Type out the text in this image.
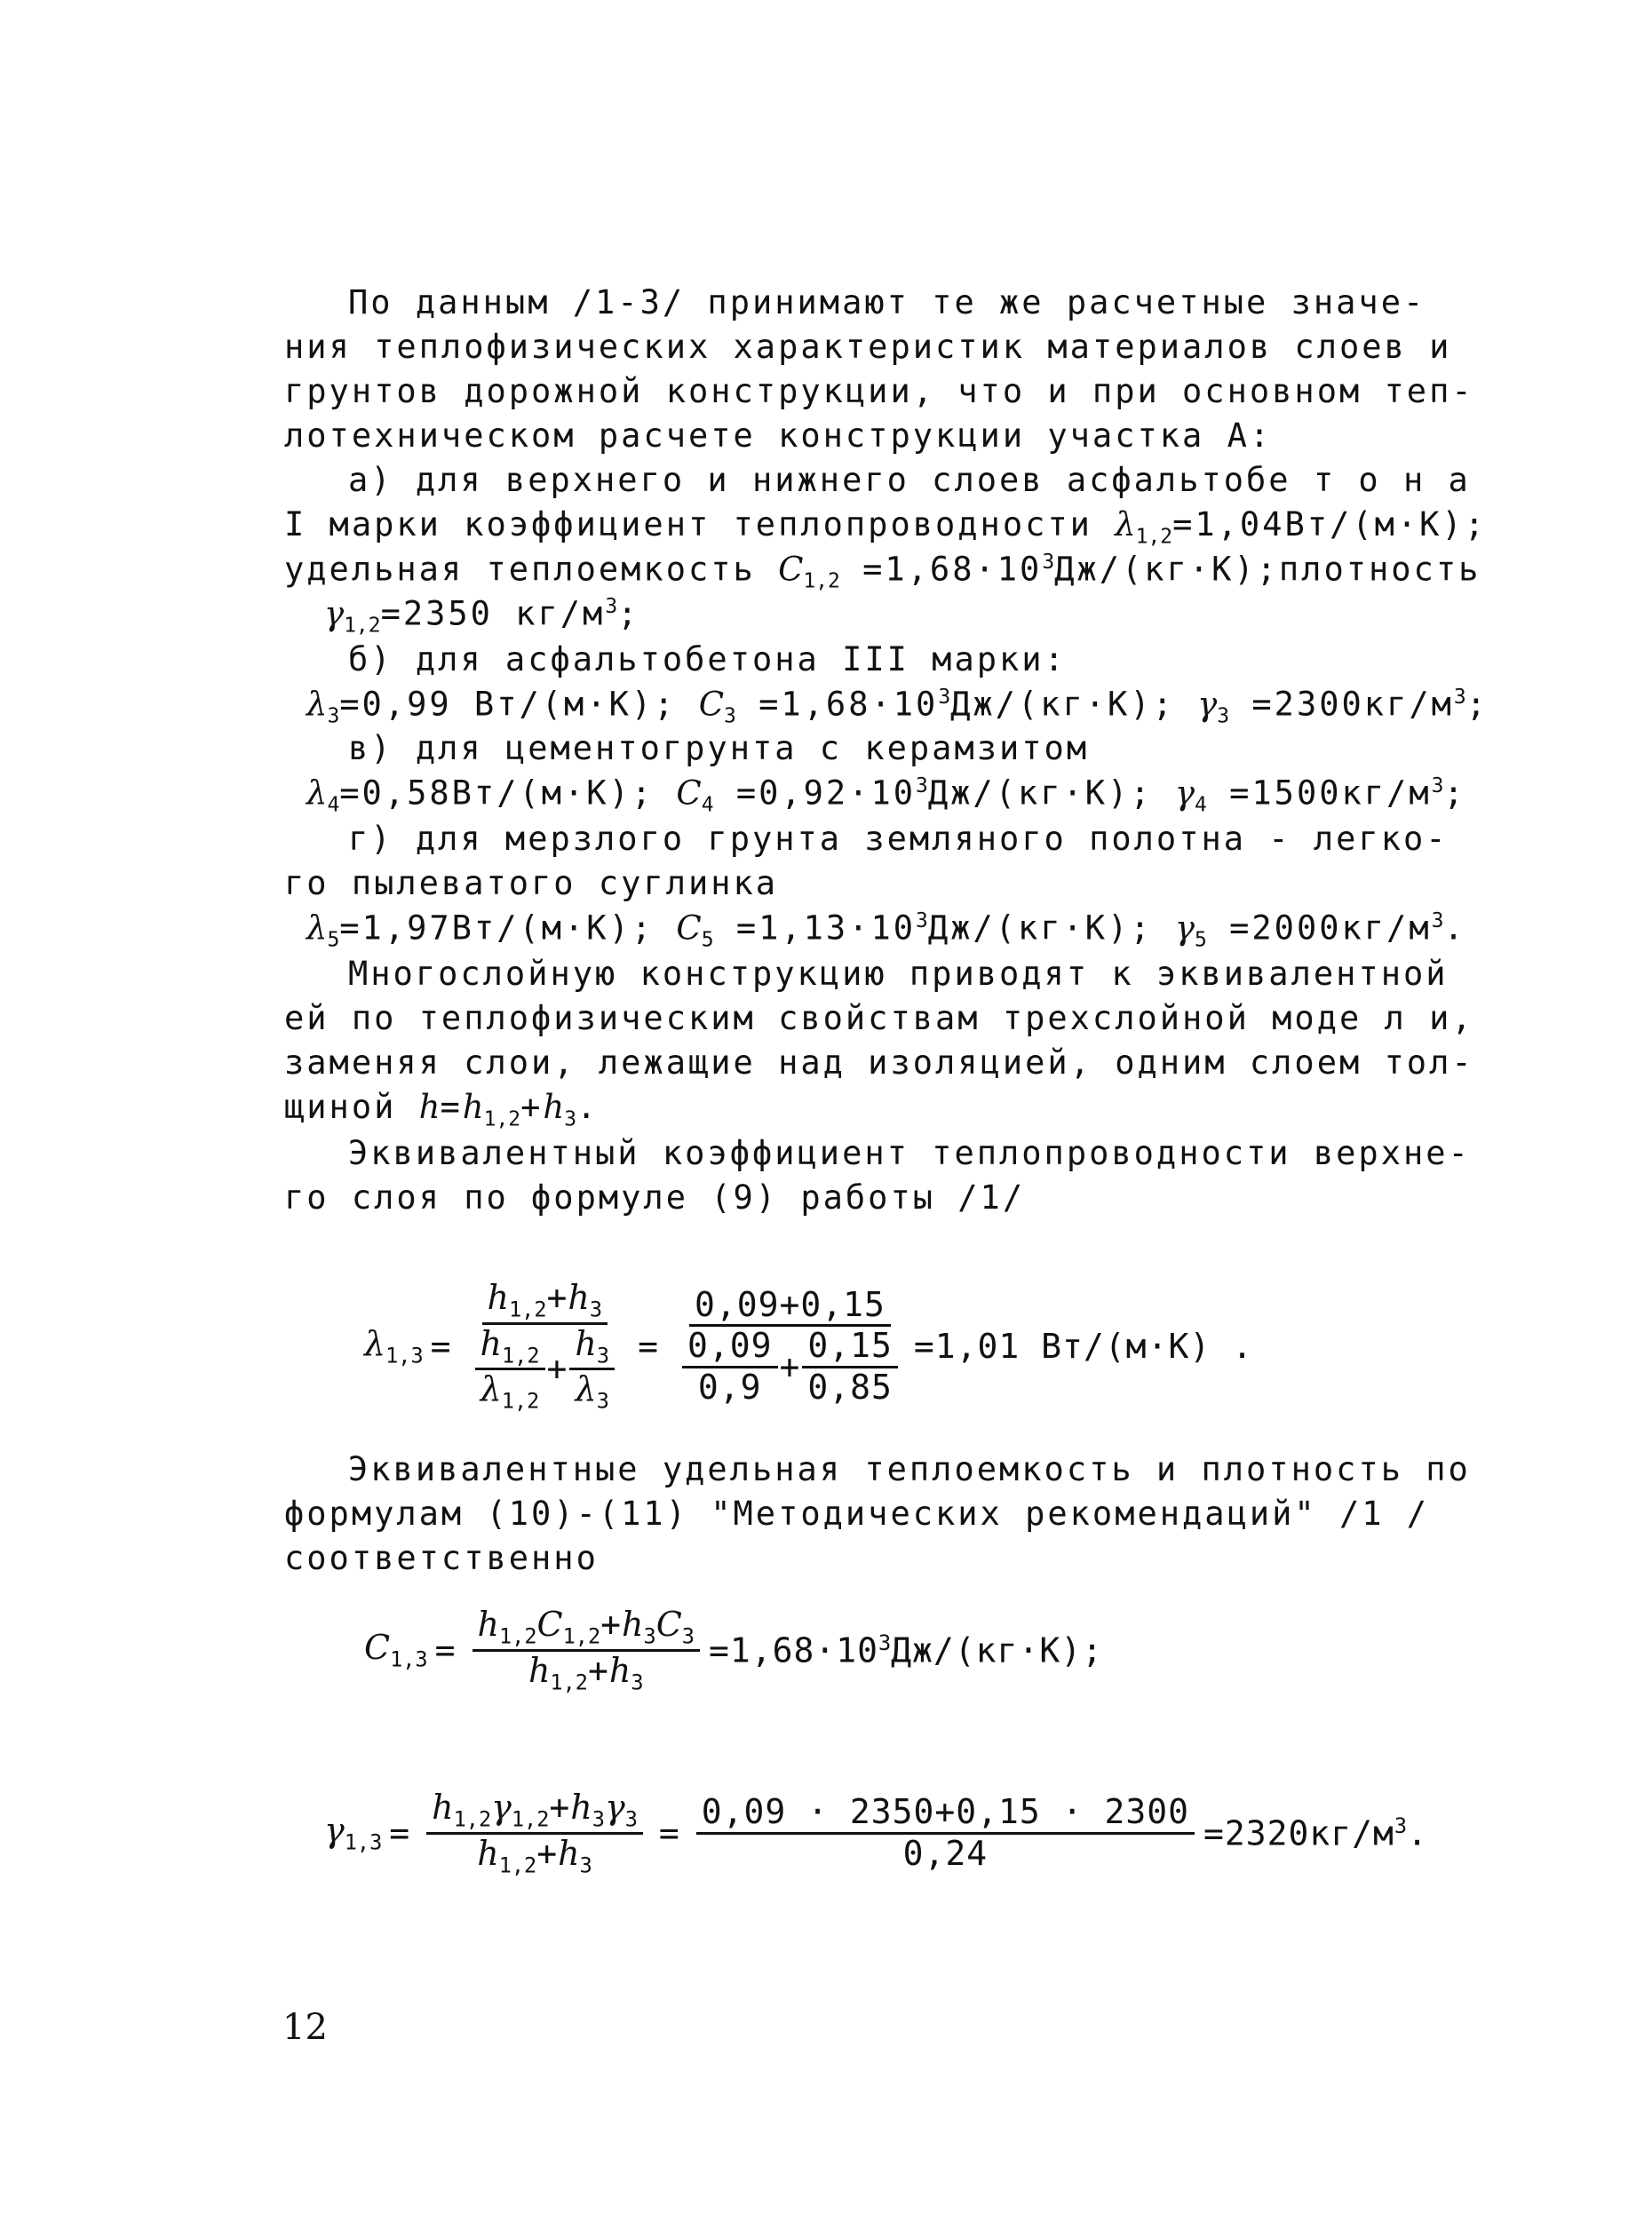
По данным /1-3/ принимают те же расчетные значе-
ния теплофизических характеристик материалов слоев и
грунтов дорожной конструкции, что и при основном теп-
лотехническом расчете конструкции участка А:
а) для верхнего и нижнего слоев асфальтобе т о н а
I марки коэффициент теплопроводности $\lambda_{1,2}=1,04Вт/(м\cdot К)$;
удельная теплоемкость $C_{1,2}$ $=1,68\cdot 10^3Дж/(кг\cdot К);плотность$
$\gamma_{1,2}=2350$ $кг/м^3$;
б) для асфальтобетона III марки:
$\lambda_3=0,99$ Вт/(м·К); $C_3 =1,68\cdot 10^3Дж/(кг\cdot К)$; $\gamma_3 =2300кг/м^3$;
в) для цементогрунта с керамзитом
$\lambda_4=0,58Вт/(м\cdot К)$; $C_4 =0,92\cdot 10^3Дж/(кг\cdot К)$; $\gamma_4 =1500кг/м^3$;
г) для мерзлого грунта земляного полотна - легко-
го пылеватого суглинка
$\lambda_5=1,97Вт/(м\cdot К)$; $C_5 =1,13\cdot 10^3Дж/(кг\cdot К)$; $\gamma_5 =2000кг/м^3$.
Многослойную конструкцию приводят к эквивалентной
ей по теплофизическим свойствам трехслойной моде л и,
заменяя слои, лежащие над изоляцией, одним слоем тол-
щиной $h=h_{1,2}+h_3$.
Эквивалентный коэффициент теплопроводности верхне-
го слоя по формуле (9) работы /1/
$\lambda_{1,3}$ =
$h_{1,2}+h_3$
$\frac{h_{1,2}}{\lambda_{1,2}} + \frac{h_3}{\lambda_3}$ =
0,09+0,15
$\frac{0,09}{0,9} + \frac{0,15}{0,85} =1,01$ Вт/(м·К) .
Эквивалентные удельная теплоемкость и плотность по
формулам (10)-(11) "Методических рекомендаций" /1 /
соответственно
$C_{1,3} = \frac{h_{1,2}C_{1,2}+h_3C_3}{h_{1,2}+h_3} =1,68\cdot 10^3Дж/(кг\cdot К)$;
$\gamma_{1,3} = \frac{h_{1,2}\gamma_{1,2}+h_3\gamma_3}{h_{1,2}+h_3} = \frac{0,09 \cdot 2350+0,15 \cdot 2300}{0,24} =2320кг/м^3$.
12
